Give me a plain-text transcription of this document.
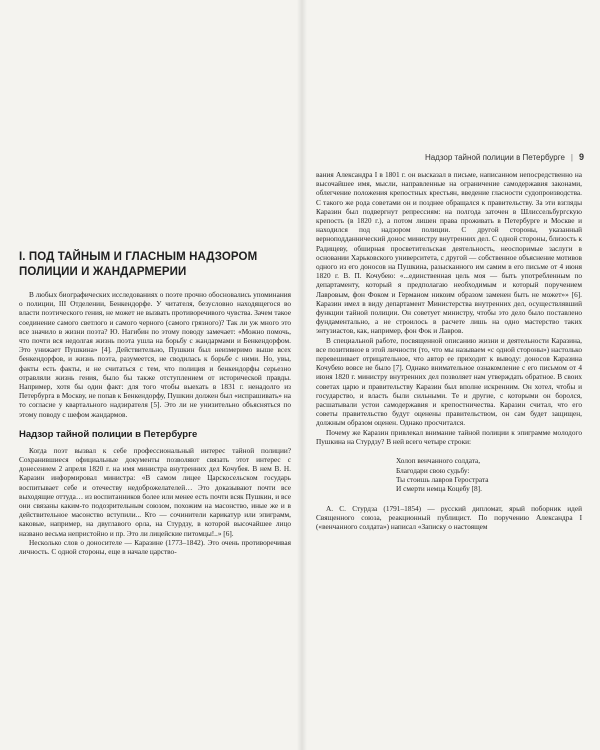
I. ПОД ТАЙНЫМ И ГЛАСНЫМ НАДЗОРОМ ПОЛИЦИИ И ЖАНДАРМЕРИИ

В любых биографических исследованиях о поэте прочно обосновались упоминания о полиции, III Отделении, Бенкендорфе. У читателя, безусловно находящегося во власти поэтического гения, не может не вызвать противоречивого чувства. Зачем такое соединение самого светлого и самого черного (самого грязного)? Так ли уж много это все значило в жизни поэта? Ю. Нагибин по этому поводу замечает: «Можно помочь, что почти вся недолгая жизнь поэта ушла на борьбу с жандармами и Бенкендорфом. Это унижает Пушкина» [4]. Действительно, Пушкин был неизмеримо выше всех бенкендорфов, и жизнь поэта, разумеется, не сводилась к борьбе с ними. Но, увы, факты есть факты, и не считаться с тем, что полиция и бенкендорфы серьезно отравляли жизнь гения, было бы также отступлением от исторической правды. Например, хотя бы один факт: для того чтобы выехать в 1831 г. ненадолго из Петербурга в Москву, не попав к Бенкендорфу, Пушкин должен был «испрашивать» на то согласие у квартального надзирателя [5]. Это ли не унизительно объясняться по этому поводу с шефом жандармов.

Надзор тайной полиции в Петербурге

Когда поэт вызвал к себе профессиональный интерес тайной полиции? Сохранившиеся официальные документы позволяют связать этот интерес с донесением 2 апреля 1820 г. на имя министра внутренних дел Кочубея. В нем В. Н. Каразин информировал министра: «В самом лицее Царскосельском государь воспитывает себе и отечеству недоброжелателей… Это доказывают почти все выходящие оттуда… из воспитанников более или менее есть почти всяк Пушкин, и все они связаны каким-то подозрительным союзом, похожим на масонство, иные же и в действительное масонство вступили... Кто — сочинители карикатур или эпиграмм, каковые, например, на двуглавого орла, на Стурдзу, в которой высочайшее лицо названо весьма непристойно и пр. Это ли лицейские питомцы!..» [6].

Несколько слов о доносителе — Каразине (1773–1842). Это очень противоречивая личность. С одной стороны, еще в начале царство-

Надзор тайной полиции в Петербурге | 9

вания Александра I в 1801 г. он высказал в письме, написанном непосредственно на высочайшее имя, мысли, направленные на ограничение самодержавия законами, облегчение положения крепостных крестьян, введение гласности судопроизводства. С такого же рода советами он и позднее обращался к правительству. За эти взгляды Каразин был подвергнут репрессиям: на полгода заточен в Шлиссельбургскую крепость (в 1820 г.), а потом лишен права проживать в Петербурге и Москве и находился под надзором полиции. С другой стороны, указанный верноподданнический донос министру внутренних дел. С одной стороны, близость к Радищеву, обширная просветительская деятельность, неоспоримые заслуги в основании Харьковского университета, с другой — собственное объяснение мотивов одного из его доносов на Пушкина, разысканного им самим в его письме от 4 июня 1820 г. В. П. Кочубею: «...единственная цель моя — быть употребленным по департаменту, который я предполагаю необходимым и который поручением Лавровым, фон Фоком и Германом никоим образом заменен быть не может»» [6]. Каразин имел в виду департамент Министерства внутренних дел, осуществлявший функции тайной полиции. Он советует министру, чтобы это дело было поставлено фундаментально, а не строилось в расчете лишь на одно мастерство таких энтузиастов, как, например, фон Фок и Лавров.

В специальной работе, посвященной описанию жизни и деятельности Каразина, все позитивное в этой личности (то, что мы называем «с одной стороны») настолько перевешивает отрицательное, что автор ее приходит к выводу: доносов Каразина Кочубею вовсе не было [7]. Однако внимательное ознакомление с его письмом от 4 июня 1820 г. министру внутренних дел позволяет нам утверждать обратное. В своих советах царю и правительству Каразин был вполне искренним. Он хотел, чтобы и государство, и власть были сильными. Те и другие, с которыми он боролся, расшатывали устои самодержавия и крепостничества. Каразин считал, что его советы правительство будут оценены правительством, он сам будет защищен, должным образом оценен. Однако просчитался.

Почему же Каразин привлекал внимание тайной полиции к эпиграмме молодого Пушкина на Стурдзу? В ней всего четыре строки:

Холоп венчанного солдата,
Благодари свою судьбу:
Ты стоишь лавров Герострата
И смерти немца Коцебу [8].

А. С. Стурдза (1791–1854) — русский дипломат, ярый поборник идей Священного союза, реакционный публицист. По поручению Александра I («венчанного солдата») написал «Записку о настоящем
